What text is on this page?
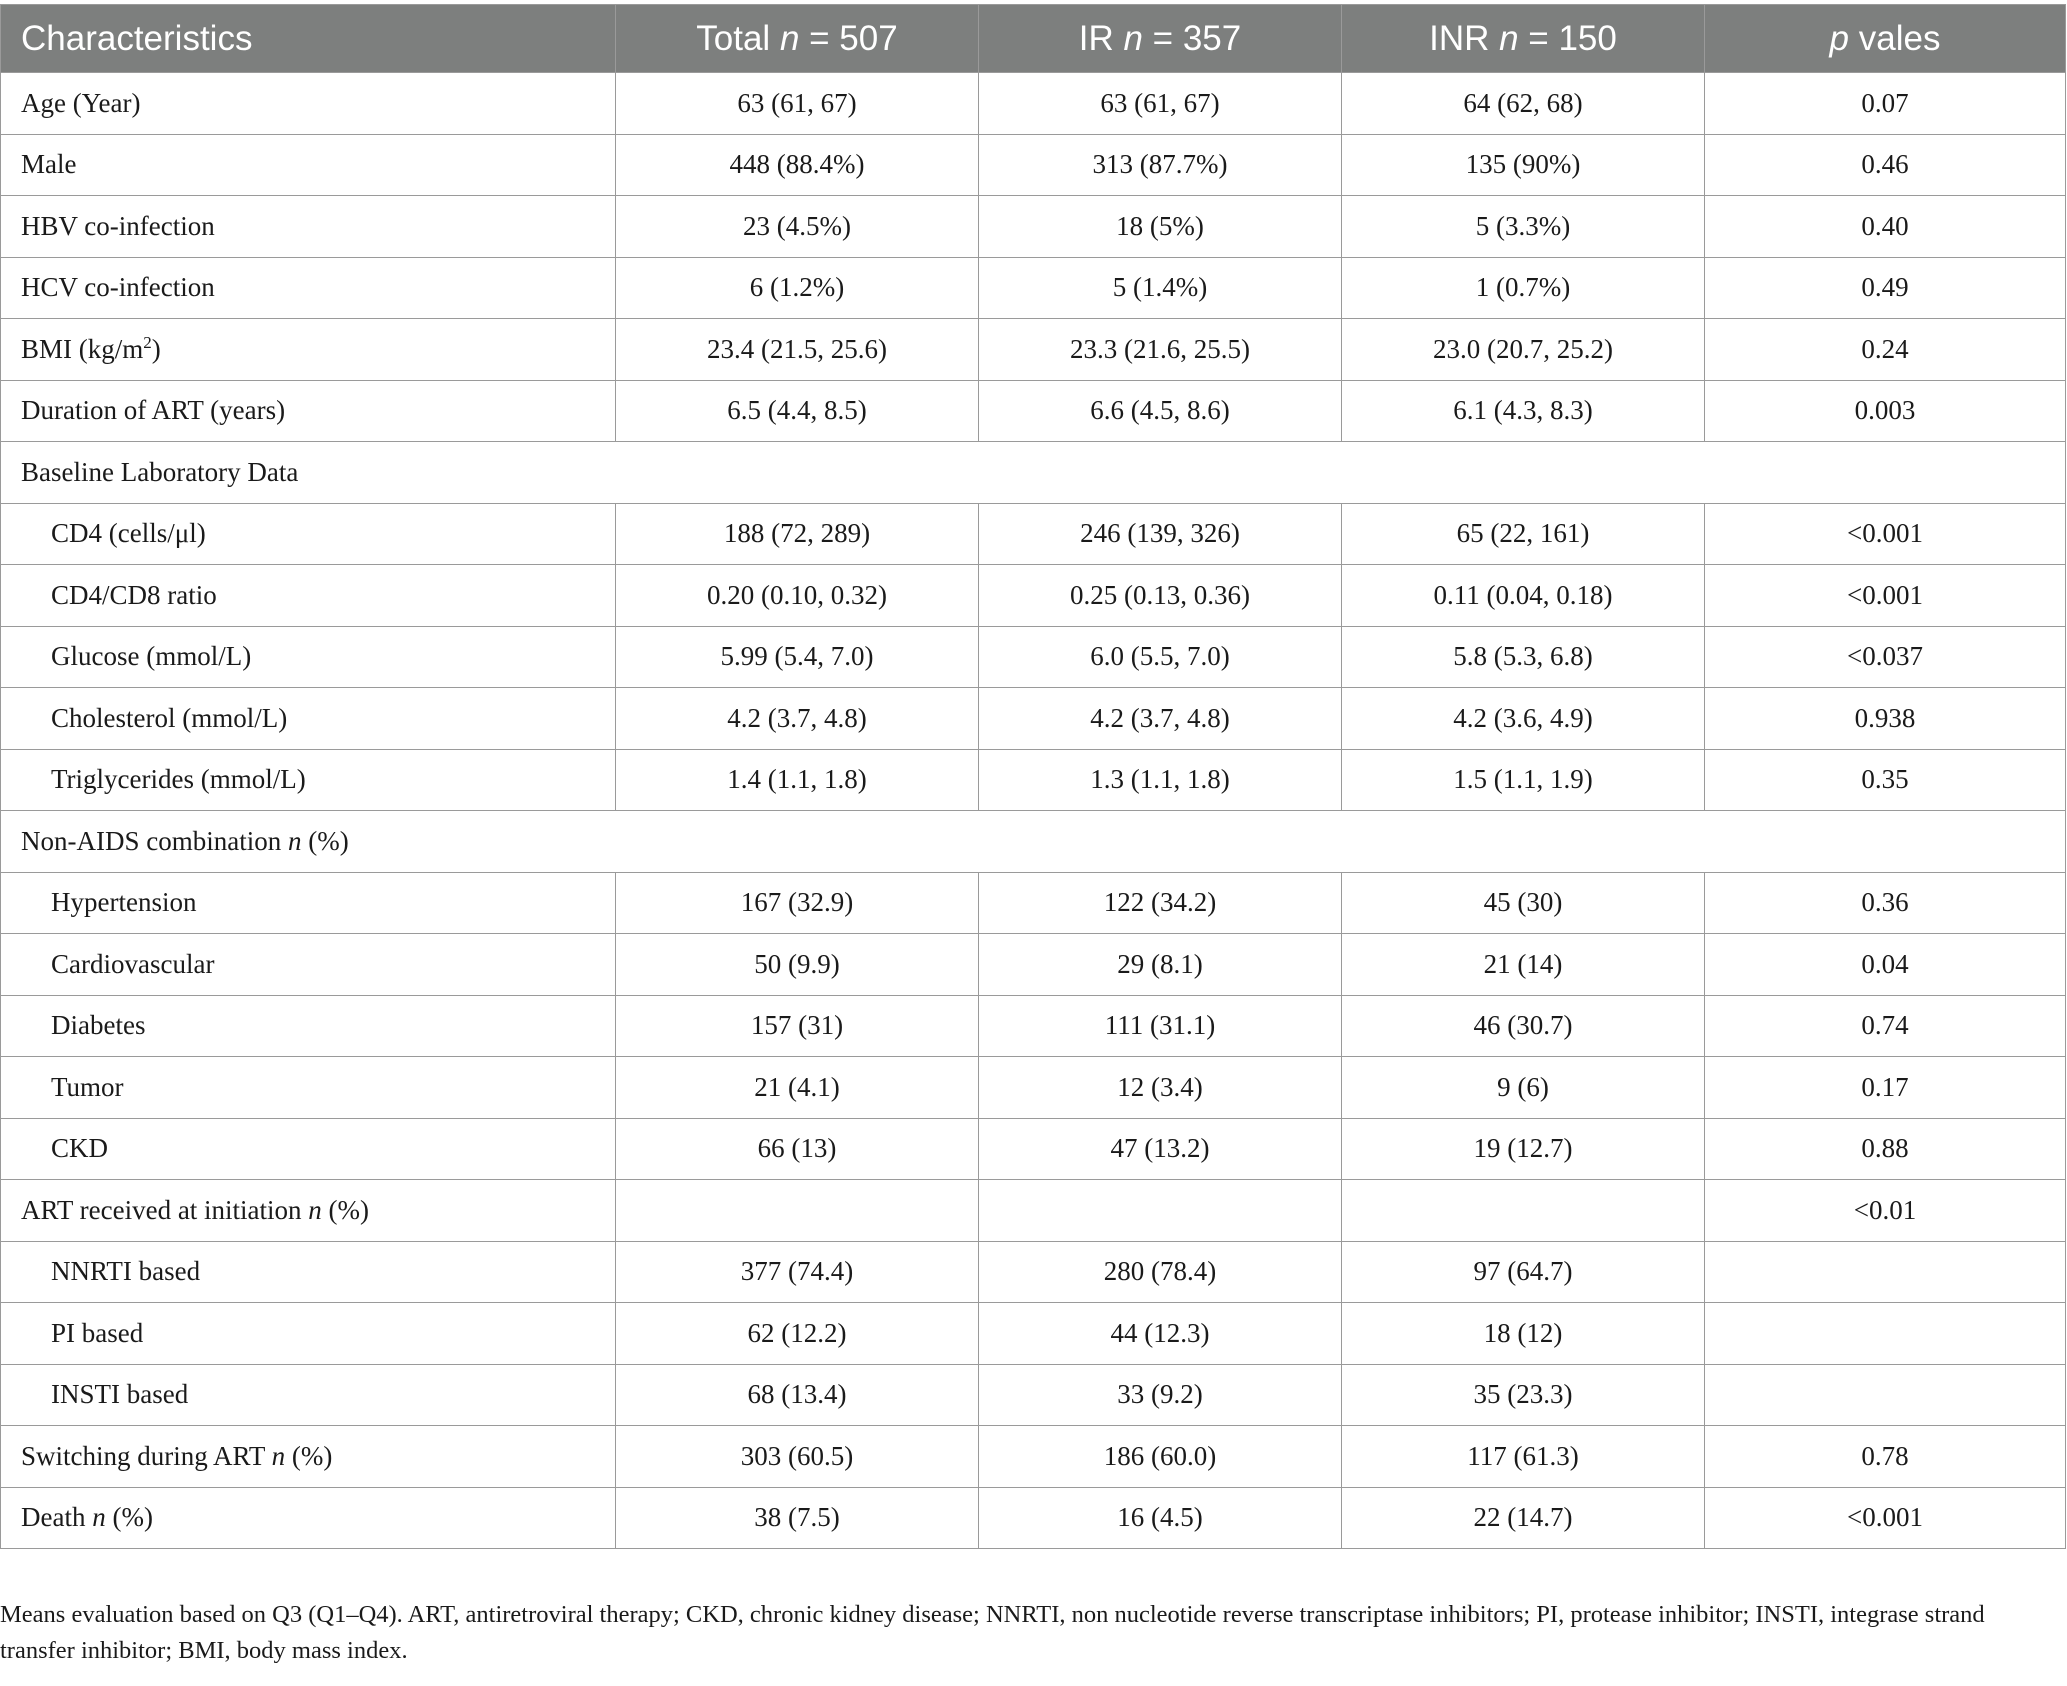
Characteristics	Total n = 507	IR n = 357	INR n = 150	p vales
Age (Year)	63 (61, 67)	63 (61, 67)	64 (62, 68)	0.07
Male	448 (88.4%)	313 (87.7%)	135 (90%)	0.46
HBV co-infection	23 (4.5%)	18 (5%)	5 (3.3%)	0.40
HCV co-infection	6 (1.2%)	5 (1.4%)	1 (0.7%)	0.49
BMI $(kg/m^2)$	23.4 (21.5, 25.6)	23.3 (21.6, 25.5)	23.0 (20.7, 25.2)	0.24
Duration of ART (years)	6.5 (4.4, 8.5)	6.6 (4.5, 8.6)	6.1 (4.3, 8.3)	0.003
Baseline Laboratory Data				
CD4 (cells/μl)	188 (72, 289)	246 (139, 326)	65 (22, 161)	<0.001
CD4/CD8 ratio	0.20 (0.10, 0.32)	0.25 (0.13, 0.36)	0.11 (0.04, 0.18)	<0.001
Glucose (mmol/L)	5.99 (5.4, 7.0)	6.0 (5.5, 7.0)	5.8 (5.3, 6.8)	<0.037
Cholesterol (mmol/L)	4.2 (3.7, 4.8)	4.2 (3.7, 4.8)	4.2 (3.6, 4.9)	0.938
Triglycerides (mmol/L)	1.4 (1.1, 1.8)	1.3 (1.1, 1.8)	1.5 (1.1, 1.9)	0.35
Non-AIDS combination n (%)				
Hypertension	167 (32.9)	122 (34.2)	45 (30)	0.36
Cardiovascular	50 (9.9)	29 (8.1)	21 (14)	0.04
Diabetes	157 (31)	111 (31.1)	46 (30.7)	0.74
Tumor	21 (4.1)	12 (3.4)	9 (6)	0.17
CKD	66 (13)	47 (13.2)	19 (12.7)	0.88
ART received at initiation n (%)				<0.01
NNRTI based	377 (74.4)	280 (78.4)	97 (64.7)	
PI based	62 (12.2)	44 (12.3)	18 (12)	
INSTI based	68 (13.4)	33 (9.2)	35 (23.3)	
Switching during ART n (%)	303 (60.5)	186 (60.0)	117 (61.3)	0.78
Death n (%)	38 (7.5)	16 (4.5)	22 (14.7)	<0.001

Means evaluation based on Q3 (Q1–Q4). ART, antiretroviral therapy; CKD, chronic kidney disease; NNRTI, non nucleotide reverse transcriptase inhibitors; PI, protease inhibitor; INSTI, integrase strand transfer inhibitor; BMI, body mass index.
